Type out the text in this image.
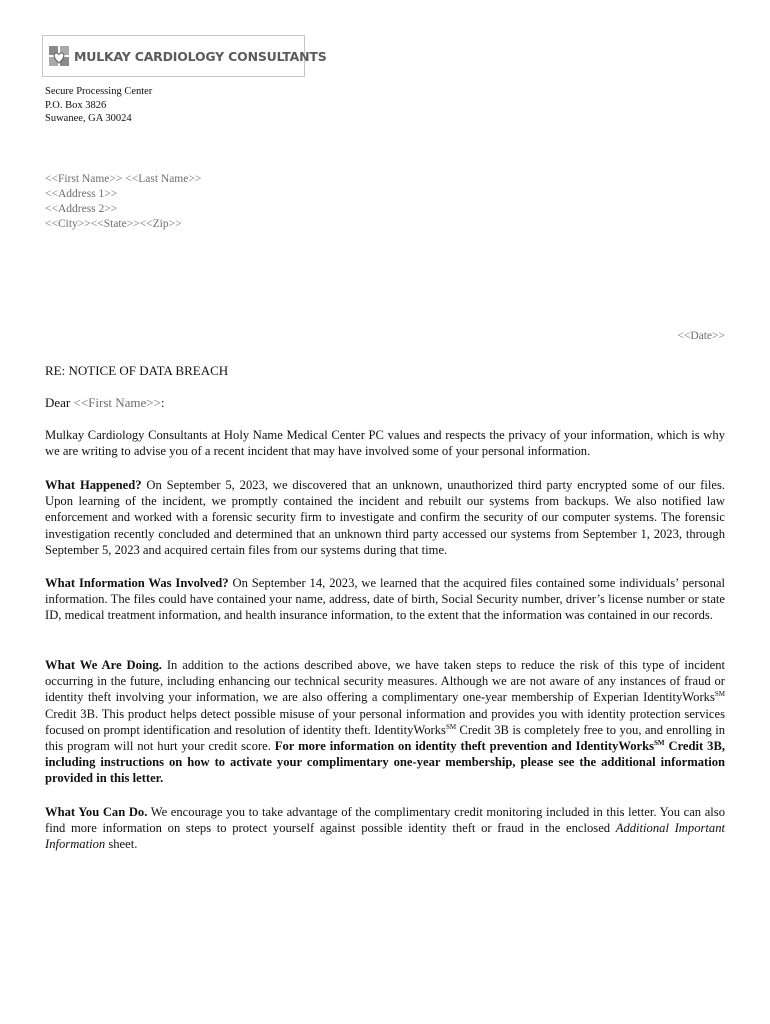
MULKAY CARDIOLOGY CONSULTANTS
Secure Processing Center
P.O. Box 3826
Suwanee, GA 30024
<<First Name>> <<Last Name>>
<<Address 1>>
<<Address 2>>
<<City>><<State>><<Zip>>
<<Date>>
RE: NOTICE OF DATA BREACH
Dear <<First Name>>:

Mulkay Cardiology Consultants at Holy Name Medical Center PC values and respects the privacy of your information, which is why we are writing to advise you of a recent incident that may have involved some of your personal information.

What Happened? On September 5, 2023, we discovered that an unknown, unauthorized third party encrypted some of our files. Upon learning of the incident, we promptly contained the incident and rebuilt our systems from backups. We also notified law enforcement and worked with a forensic security firm to investigate and confirm the security of our computer systems. The forensic investigation recently concluded and determined that an unknown third party accessed our systems from September 1, 2023, through September 5, 2023 and acquired certain files from our systems during that time.

What Information Was Involved? On September 14, 2023, we learned that the acquired files contained some individuals’ personal information. The files could have contained your name, address, date of birth, Social Security number, driver’s license number or state ID, medical treatment information, and health insurance information, to the extent that the information was contained in our records.

What We Are Doing. In addition to the actions described above, we have taken steps to reduce the risk of this type of incident occurring in the future, including enhancing our technical security measures. Although we are not aware of any instances of fraud or identity theft involving your information, we are also offering a complimentary one-year membership of Experian IdentityWorks℠ Credit 3B. This product helps detect possible misuse of your personal information and provides you with identity protection services focused on prompt identification and resolution of identity theft. IdentityWorks℠ Credit 3B is completely free to you, and enrolling in this program will not hurt your credit score. For more information on identity theft prevention and IdentityWorks℠ Credit 3B, including instructions on how to activate your complimentary one-year membership, please see the additional information provided in this letter.

What You Can Do. We encourage you to take advantage of the complimentary credit monitoring included in this letter. You can also find more information on steps to protect yourself against possible identity theft or fraud in the enclosed Additional Important Information sheet.
